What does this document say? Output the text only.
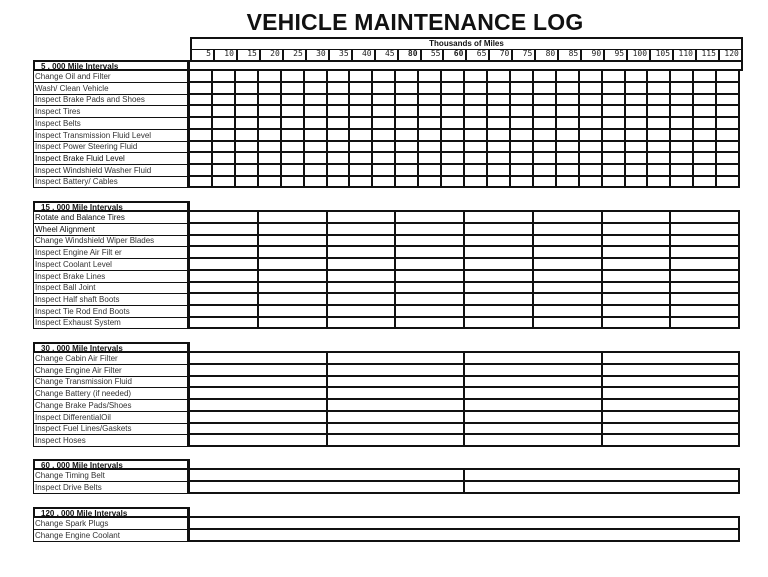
VEHICLE MAINTENANCE LOG
Thousands of Miles
5	10	15	20	25	30	35	40	45	80	55	60	65	70	75	80	85	90	95	100	105	110	115	120
5 , 000 Mile Intervals
Change Oil and Filter
Wash/ Clean Vehicle
Inspect Brake Pads and Shoes
Inspect Tires
Inspect Belts
Inspect Transmission Fluid Level
Inspect Power Steering Fluid
Inspect Brake Fluid Level
Inspect Windshield Washer Fluid
Inspect Battery/ Cables
15 , 000 Mile Intervals
Rotate and Balance Tires
Wheel Alignment
Change Windshield Wiper Blades
Inspect Engine Air Filt er
Inspect Coolant Level
Inspect Brake Lines
Inspect Ball Joint
Inspect Half shaft Boots
Inspect Tie Rod End Boots
Inspect Exhaust System
30 , 000 Mile Intervals
Change Cabin Air Filter
Change Engine Air Filter
Change Transmission Fluid
Change Battery (if needed)
Change Brake Pads/Shoes
Inspect DifferentialOil
Inspect Fuel Lines/Gaskets
Inspect Hoses
60 , 000 Mile Intervals
Change Timing Belt
Inspect Drive Belts
120 , 000 Mile Intervals
Change Spark Plugs
Change Engine Coolant
